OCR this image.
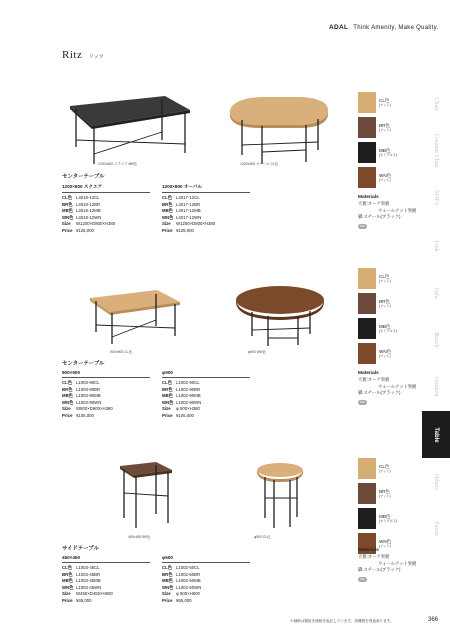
ADAL Think Amenity, Make Quality.
Ritz リッツ
Chair
Counter Chair
SOFA
Link
Sofa
Bench
Outdoor
Table
Others
Fabric
1200×800 スクエア MB色	1200×800 オーバル CL色
センターテーブル
1200×800 スクエア
CL色 L4018-12CL
BR色 L4018-12BR
MB色 L4018-12MB
WN色 L4018-12WN
Size W1200×D800×H380
Price ¥125,000
1200×800 オーバル
CL色 L4017-12CL
BR色 L4017-12BR
MB色 L4017-12MB
WN色 L4017-12WN
Size W1200×D800×H380
Price ¥125,000
CL色
(マット)
BR色
(マット)
MB色
(セミグロス)
WN色
(マット)
Materials
天板:オーク突板
ウォールナット突板
脚:スチール(ブラック)
FSC
900×900 CL色	φ900 WN色
センターテーブル
900×900
CL色 L1003-90CL
BR色 L1003-90BR
MB色 L1003-90MB
WN色 L1003-90WN
Size W900×D900×H380
Price ¥105,000
φ900
CL色 L1002-90CL
BR色 L1002-90BR
MB色 L1002-90MB
WN色 L1002-90WN
Size φ 900×H380
Price ¥105,000
CL色
(マット)
BR色
(マット)
MB色
(セミグロス)
WN色
(マット)
Materials
天板:オーク突板
ウォールナット突板
脚:スチール(ブラック)
FSC
450×450 BR色	φ500 CL色
サイドテーブル
450×450
CL色 L1003-45CL
BR色 L1003-45BR
MB色 L1003-45MB
WN色 L1003-45WN
Size W450×D450×H500
Price ¥49,000
φ500
CL色 L1002-50CL
BR色 L1002-50BR
MB色 L1002-50MB
WN色 L1002-50WN
Size φ 500×H500
Price ¥55,000
CL色
(マット)
BR色
(マット)
MB色
(セミグロス)
WN色
(マット)
Materials
天板:オーク突板
ウォールナット突板
脚:スチール(ブラック)
FSC
※価格は税抜き価格を表記しています。消費税を別途承ります。	366
